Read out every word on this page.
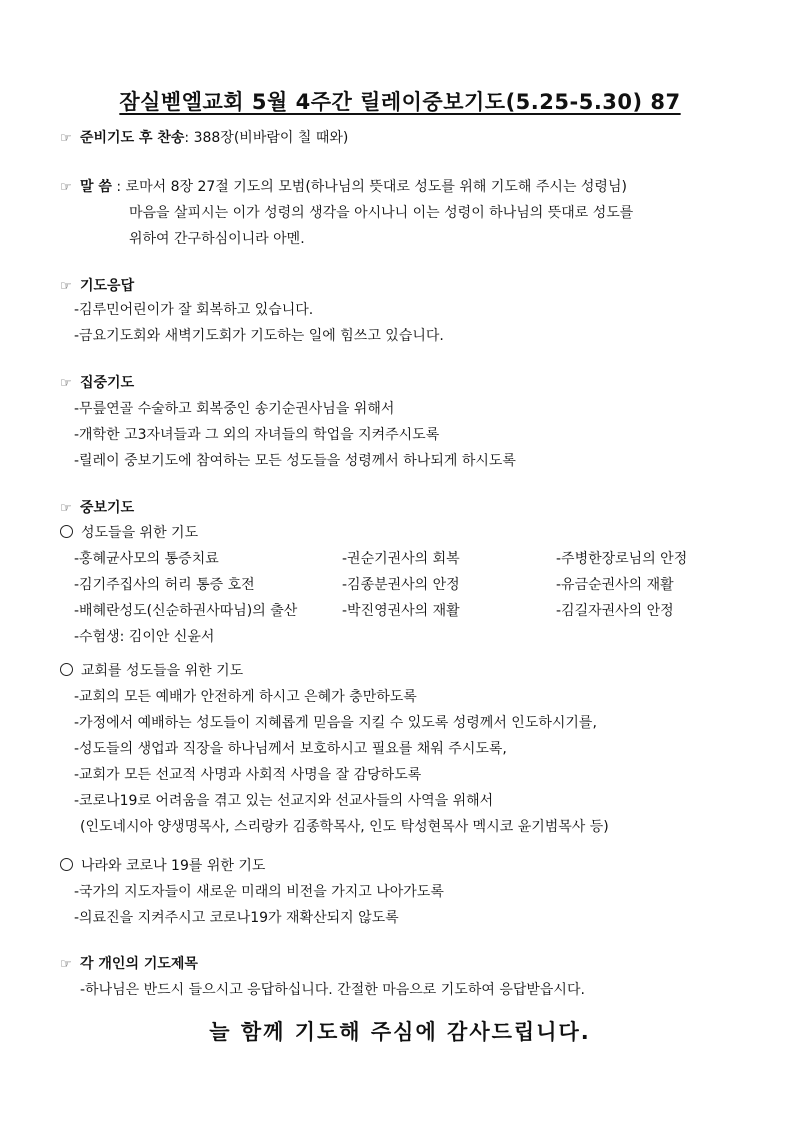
잠실벧엘교회 5월 4주간 릴레이중보기도(5.25-5.30) 87
☞ 준비기도 후 찬송: 388장(비바람이 칠 때와)
☞ 말 씀 : 로마서 8장 27절 기도의 모범(하나님의 뜻대로 성도를 위해 기도해 주시는 성령님)
마음을 살피시는 이가 성령의 생각을 아시나니 이는 성령이 하나님의 뜻대로 성도를
위하여 간구하심이니라 아멘.
☞ 기도응답
-김루민어린이가 잘 회복하고 있습니다.
-금요기도회와 새벽기도회가 기도하는 일에 힘쓰고 있습니다.
☞ 집중기도
-무릎연골 수술하고 회복중인 송기순권사님을 위해서
-개학한 고3자녀들과 그 외의 자녀들의 학업을 지켜주시도록
-릴레이 중보기도에 참여하는 모든 성도들을 성령께서 하나되게 하시도록
☞ 중보기도
성도들을 위한 기도
-홍혜균사모의 통증치료	-권순기권사의 회복	-주병한장로님의 안정
-김기주집사의 허리 통증 호전	-김종분권사의 안정	-유금순권사의 재활
-배혜란성도(신순하권사따님)의 출산	-박진영권사의 재활	-김길자권사의 안정
-수험생: 김이안 신윤서
교회를 성도들을 위한 기도
-교회의 모든 예배가 안전하게 하시고 은혜가 충만하도록
-가정에서 예배하는 성도들이 지혜롭게 믿음을 지킬 수 있도록 성령께서 인도하시기를,
-성도들의 생업과 직장을 하나님께서 보호하시고 필요를 채워 주시도록,
-교회가 모든 선교적 사명과 사회적 사명을 잘 감당하도록
-코로나19로 어려움을 겪고 있는 선교지와 선교사들의 사역을 위해서
(인도네시아 양생명목사, 스리랑카 김종학목사, 인도 탁성현목사 멕시코 윤기범목사 등)
나라와 코로나 19를 위한 기도
-국가의 지도자들이 새로운 미래의 비전을 가지고 나아가도록
-의료진을 지켜주시고 코로나19가 재확산되지 않도록
☞ 각 개인의 기도제목
-하나님은 반드시 들으시고 응답하십니다. 간절한 마음으로 기도하여 응답받읍시다.
늘 함께 기도해 주심에 감사드립니다.
